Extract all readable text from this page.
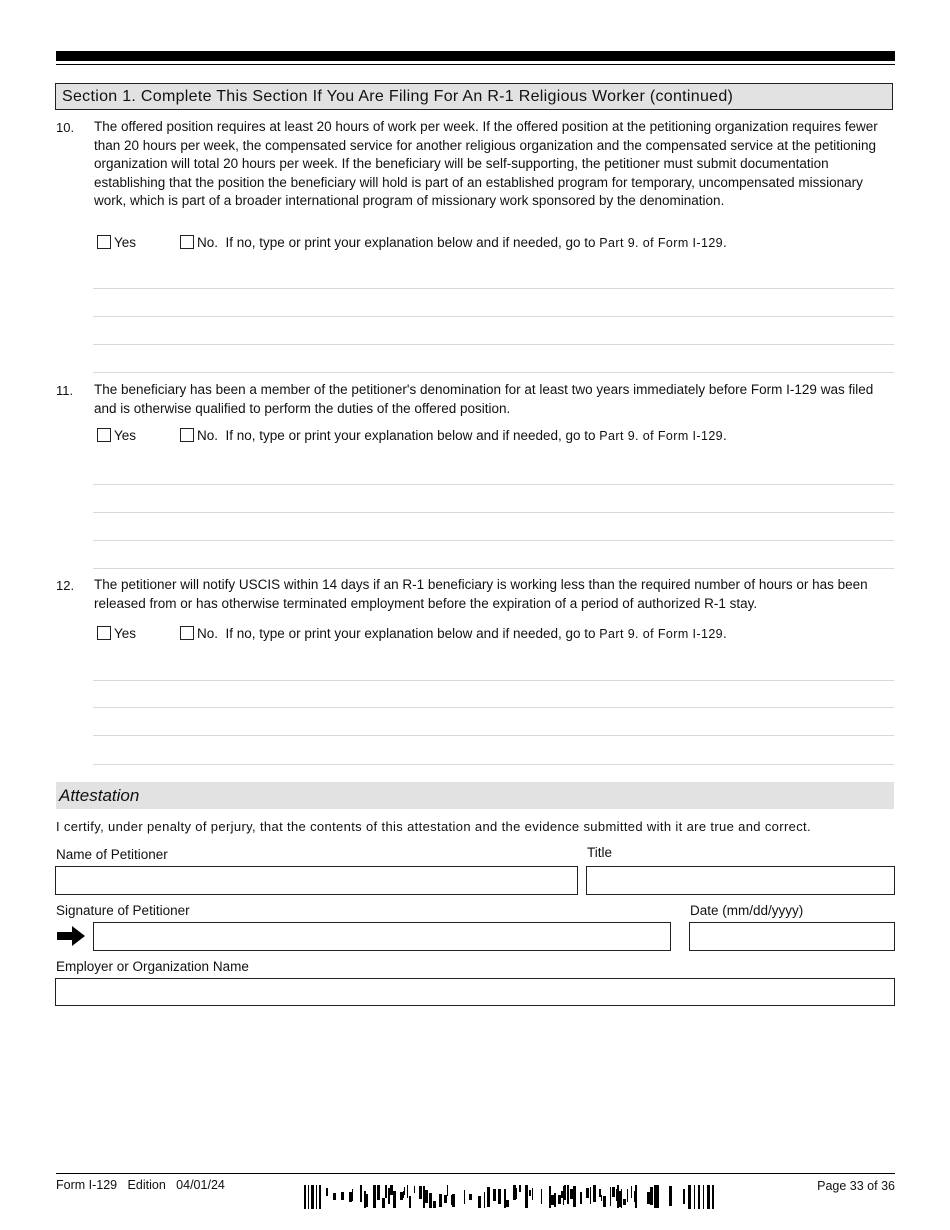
Section 1. Complete This Section If You Are Filing For An R-1 Religious Worker (continued)
10. The offered position requires at least 20 hours of work per week. If the offered position at the petitioning organization requires fewer than 20 hours per week, the compensated service for another religious organization and the compensated service at the petitioning organization will total 20 hours per week. If the beneficiary will be self-supporting, the petitioner must submit documentation establishing that the position the beneficiary will hold is part of an established program for temporary, uncompensated missionary work, which is part of a broader international program of missionary work sponsored by the denomination.
Yes	No. If no, type or print your explanation below and if needed, go to Part 9. of Form I-129.
11. The beneficiary has been a member of the petitioner's denomination for at least two years immediately before Form I-129 was filed and is otherwise qualified to perform the duties of the offered position.
Yes	No. If no, type or print your explanation below and if needed, go to Part 9. of Form I-129.
12. The petitioner will notify USCIS within 14 days if an R-1 beneficiary is working less than the required number of hours or has been released from or has otherwise terminated employment before the expiration of a period of authorized R-1 stay.
Yes	No. If no, type or print your explanation below and if needed, go to Part 9. of Form I-129.
Attestation
I certify, under penalty of perjury, that the contents of this attestation and the evidence submitted with it are true and correct.
Name of Petitioner	Title
Signature of Petitioner	Date (mm/dd/yyyy)
Employer or Organization Name
Form I-129   Edition   04/01/24	Page 33 of 36
